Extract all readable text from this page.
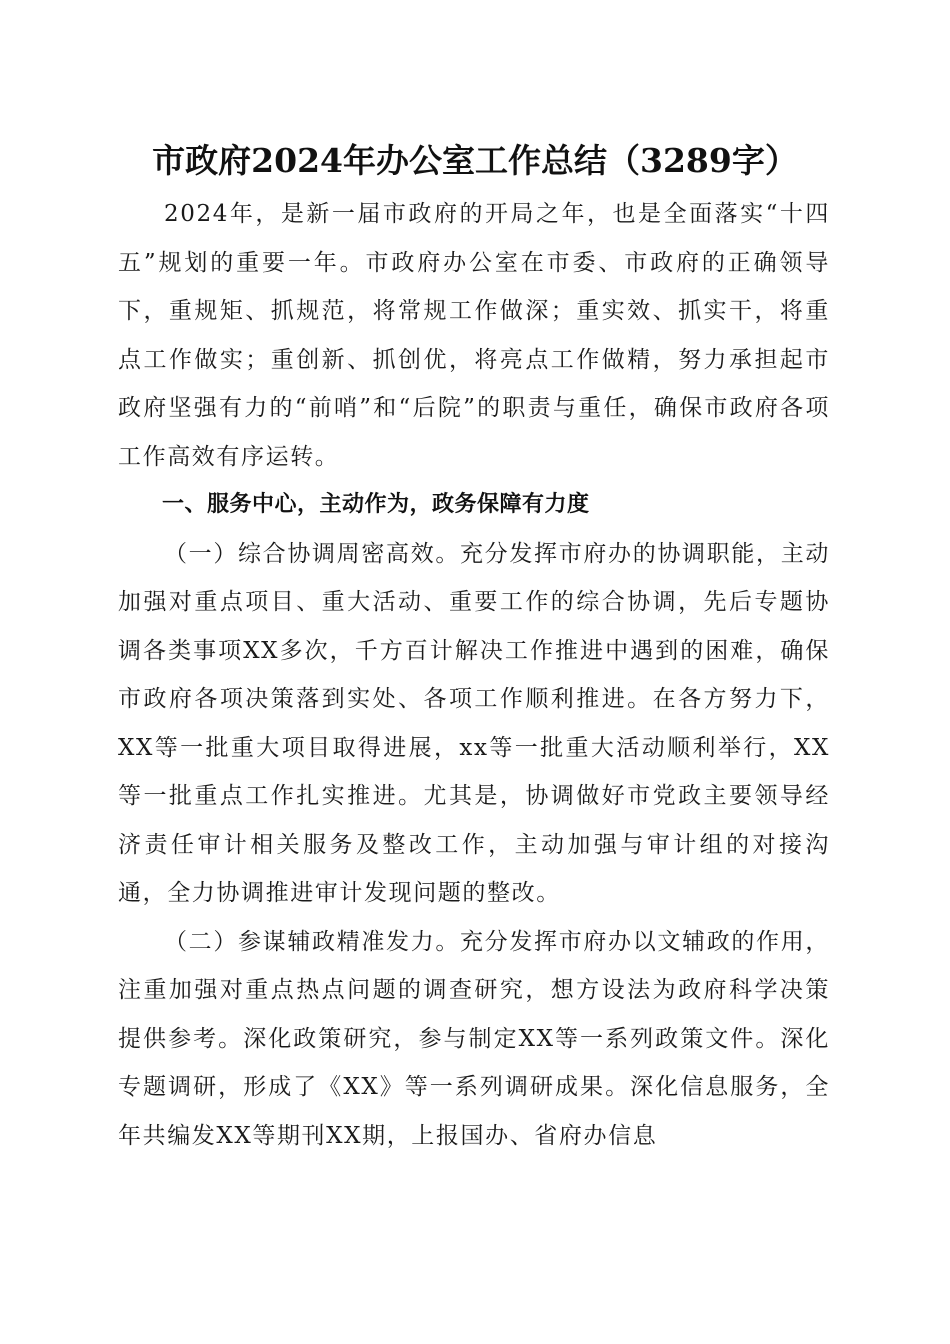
市政府2024年办公室工作总结（3289字）

2024年，是新一届市政府的开局之年，也是全面落实“十四五”规划的重要一年。市政府办公室在市委、市政府的正确领导下，重规矩、抓规范，将常规工作做深；重实效、抓实干，将重点工作做实；重创新、抓创优，将亮点工作做精，努力承担起市政府坚强有力的“前哨”和“后院”的职责与重任，确保市政府各项工作高效有序运转。

一、服务中心，主动作为，政务保障有力度

（一）综合协调周密高效。充分发挥市府办的协调职能，主动加强对重点项目、重大活动、重要工作的综合协调，先后专题协调各类事项XX多次，千方百计解决工作推进中遇到的困难，确保市政府各项决策落到实处、各项工作顺利推进。在各方努力下，XX等一批重大项目取得进展，xx等一批重大活动顺利举行，XX等一批重点工作扎实推进。尤其是，协调做好市党政主要领导经济责任审计相关服务及整改工作，主动加强与审计组的对接沟通，全力协调推进审计发现问题的整改。

（二）参谋辅政精准发力。充分发挥市府办以文辅政的作用，注重加强对重点热点问题的调查研究，想方设法为政府科学决策提供参考。深化政策研究，参与制定XX等一系列政策文件。深化专题调研，形成了《XX》等一系列调研成果。深化信息服务，全年共编发XX等期刊XX期，上报国办、省府办信息
